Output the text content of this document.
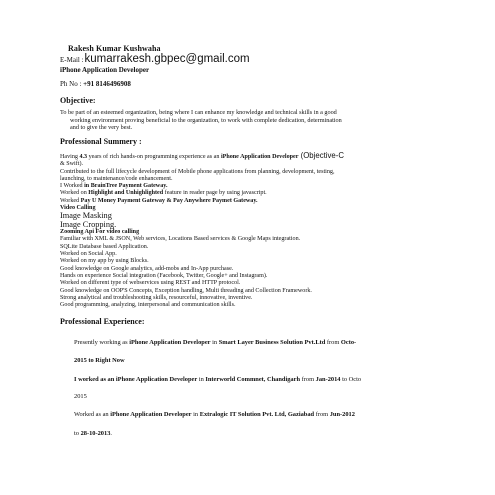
Rakesh Kumar Kushwaha
E-Mail :kumarrakesh.gbpec@gmail.com
iPhone Application Developer
Ph No : +91 8146496908
Objective:
To be part of an esteemed organization, being where I can enhance my knowledge and technical skills in a good
working environment proving beneficial to the organization, to work with complete dedication, determination
and to give the very best.
Professional Summery :
Having 4.3 years of rich hands-on programming experience as an iPhone Application Developer (Objective-C
& Swift).
Contributed to the full lifecycle development of Mobile phone applications from planning, development, testing,
launching, to maintenance/code enhancement.
I Worked in BrainTree Payment Gateway.
Worked on Highlight and Unhighlighted feature in reader page by using javascript.
Worked Pay U Money Payment Gateway & Pay Anywhere Paymet Gateway.
Video Calling
Image Masking
Image Cropping.
Zooming Api For video calling
Familiar with XML & JSON, Web services, Locations Based services & Google Maps integration.
SQLite Database based Application.
Worked on Social App.
Worked on my app by using Blocks.
Good knowledge on Google analytics, add-mobs and In-App purchase.
Hands on experience Social integration (Facebook, Twitter, Google+ and Instagram).
Worked on different type of webservices using REST and HTTP protocol.
Good knowledge on OOP'S Concepts, Exception handling, Multi threading and Collection Framework.
Strong analytical and troubleshooting skills, resourceful, innovative, inventive.
Good programming, analyzing, interpersonal and communication skills.
Professional Experience:
Presently working as iPhone Application Developer in Smart Layer Business Solution Pvt.Ltd from Octo-
2015 to Right Now
I worked as an iPhone Application Developer in Interworld Commnet, Chandigarh from Jan-2014 to Octo
2015
Worked as an iPhone Application Developer in Extralogic IT Solution Pvt. Ltd, Gaziabad from Jun-2012
to 28-10-2013.
